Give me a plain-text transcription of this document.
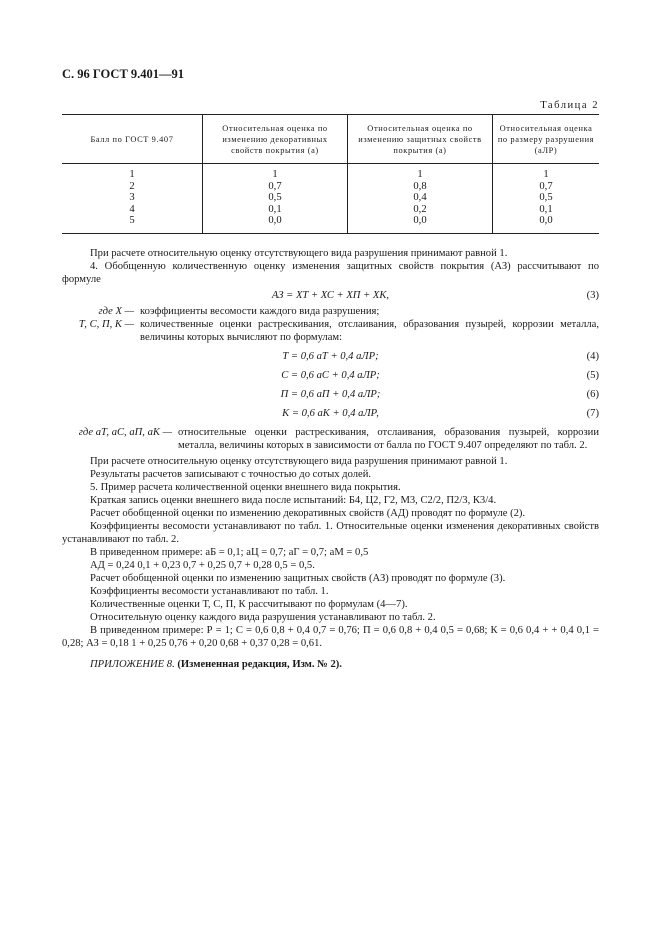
С. 96 ГОСТ 9.401—91
Таблица 2
Балл по ГОСТ 9.407	Относительная оценка по изменению декоративных свойств покрытия (a)	Относительная оценка по изменению защитных свойств покрытия (a)	Относительная оценка по размеру разрушения (aЛР)
1	1	1	1
2	0,7	0,8	0,7
3	0,5	0,4	0,5
4	0,1	0,2	0,1
5	0,0	0,0	0,0

При расчете относительную оценку отсутствующего вида разрушения принимают равной 1.

4. Обобщенную количественную оценку изменения защитных свойств покрытия (АЗ) рассчитывают по формуле

АЗ = ХТ + ХС + ХП + ХК,	(3)
где Х — коэффициенты весомости каждого вида разрушения;
Т, С, П, К — количественные оценки растрескивания, отслаивания, образования пузырей, коррозии металла, величины которых вычисляют по формулам:
Т = 0,6 аТ + 0,4 аЛР;	(4)
С = 0,6 аС + 0,4 аЛР;	(5)
П = 0,6 аП + 0,4 аЛР;	(6)
К = 0,6 аК + 0,4 аЛР,	(7)
где аТ, аС, аП, аК — относительные оценки растрескивания, отслаивания, образования пузырей, коррозии металла, величины которых в зависимости от балла по ГОСТ 9.407 определяют по табл. 2.

При расчете относительную оценку отсутствующего вида разрушения принимают равной 1.

Результаты расчетов записывают с точностью до сотых долей.

5. Пример расчета количественной оценки внешнего вида покрытия.

Краткая запись оценки внешнего вида после испытаний: Б4, Ц2, Г2, М3, С2/2, П2/3, К3/4.

Расчет обобщенной оценки по изменению декоративных свойств (АД) проводят по формуле (2).

Коэффициенты весомости устанавливают по табл. 1. Относительные оценки изменения декоративных свойств устанавливают по табл. 2.

В приведенном примере: аБ = 0,1; аЦ = 0,7; аГ = 0,7; аМ = 0,5

АД = 0,24 0,1 + 0,23 0,7 + 0,25 0,7 + 0,28 0,5 = 0,5.

Расчет обобщенной оценки по изменению защитных свойств (АЗ) проводят по формуле (3).

Коэффициенты весомости устанавливают по табл. 1.

Количественные оценки Т, С, П, К рассчитывают по формулам (4—7).

Относительную оценку каждого вида разрушения устанавливают по табл. 2.

В приведенном примере: Р = 1; С = 0,6 0,8 + 0,4 0,7 = 0,76; П = 0,6 0,8 + 0,4 0,5 = 0,68; К = 0,6 0,4 + + 0,4 0,1 = 0,28; АЗ = 0,18 1 + 0,25 0,76 + 0,20 0,68 + 0,37 0,28 = 0,61.

ПРИЛОЖЕНИЕ 8. (Измененная редакция, Изм. № 2).
